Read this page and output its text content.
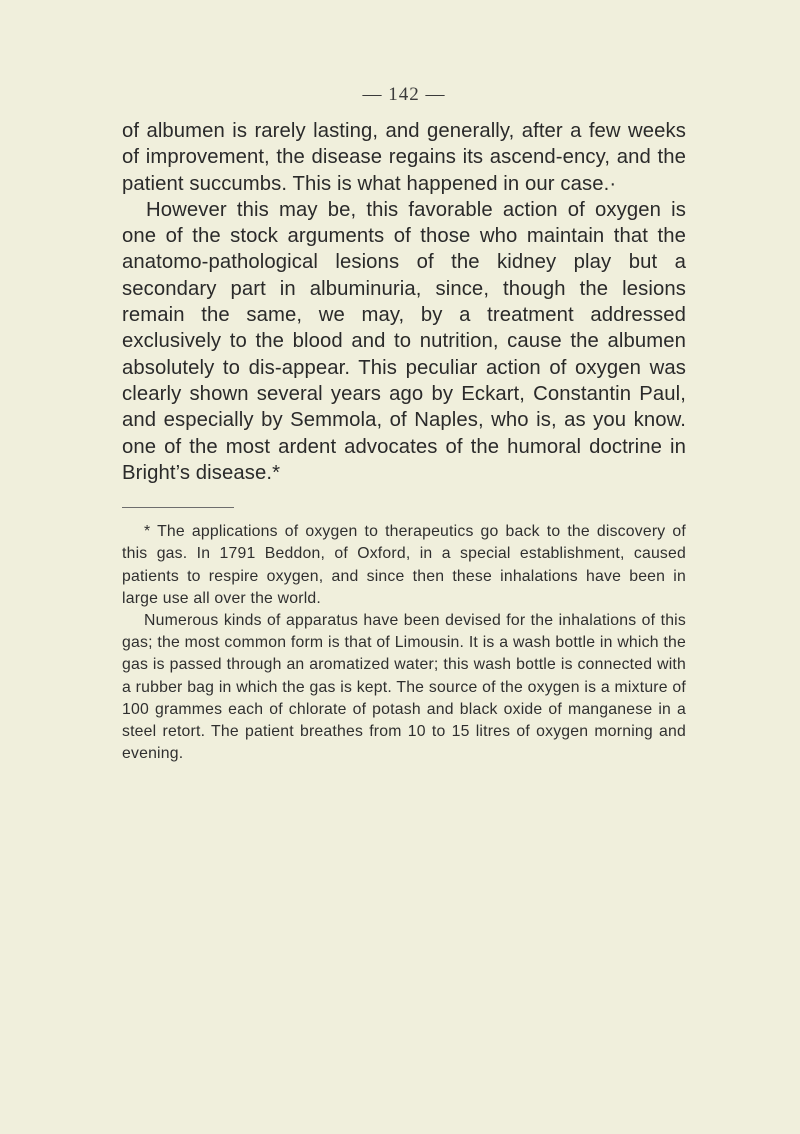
— 142 —

of albumen is rarely lasting, and generally, after a few weeks of improvement, the disease regains its ascend-ency, and the patient succumbs. This is what happened in our case.·

However this may be, this favorable action of oxygen is one of the stock arguments of those who maintain that the anatomo-pathological lesions of the kidney play but a secondary part in albuminuria, since, though the lesions remain the same, we may, by a treatment addressed exclusively to the blood and to nutrition, cause the albumen absolutely to dis-appear. This peculiar action of oxygen was clearly shown several years ago by Eckart, Constantin Paul, and especially by Semmola, of Naples, who is, as you know. one of the most ardent advocates of the humoral doctrine in Bright’s disease.*

* The applications of oxygen to therapeutics go back to the discovery of this gas. In 1791 Beddon, of Oxford, in a special establishment, caused patients to respire oxygen, and since then these inhalations have been in large use all over the world.

Numerous kinds of apparatus have been devised for the inhalations of this gas; the most common form is that of Limousin. It is a wash bottle in which the gas is passed through an aromatized water; this wash bottle is connected with a rubber bag in which the gas is kept. The source of the oxygen is a mixture of 100 grammes each of chlorate of potash and black oxide of manganese in a steel retort. The patient breathes from 10 to 15 litres of oxygen morning and evening.
